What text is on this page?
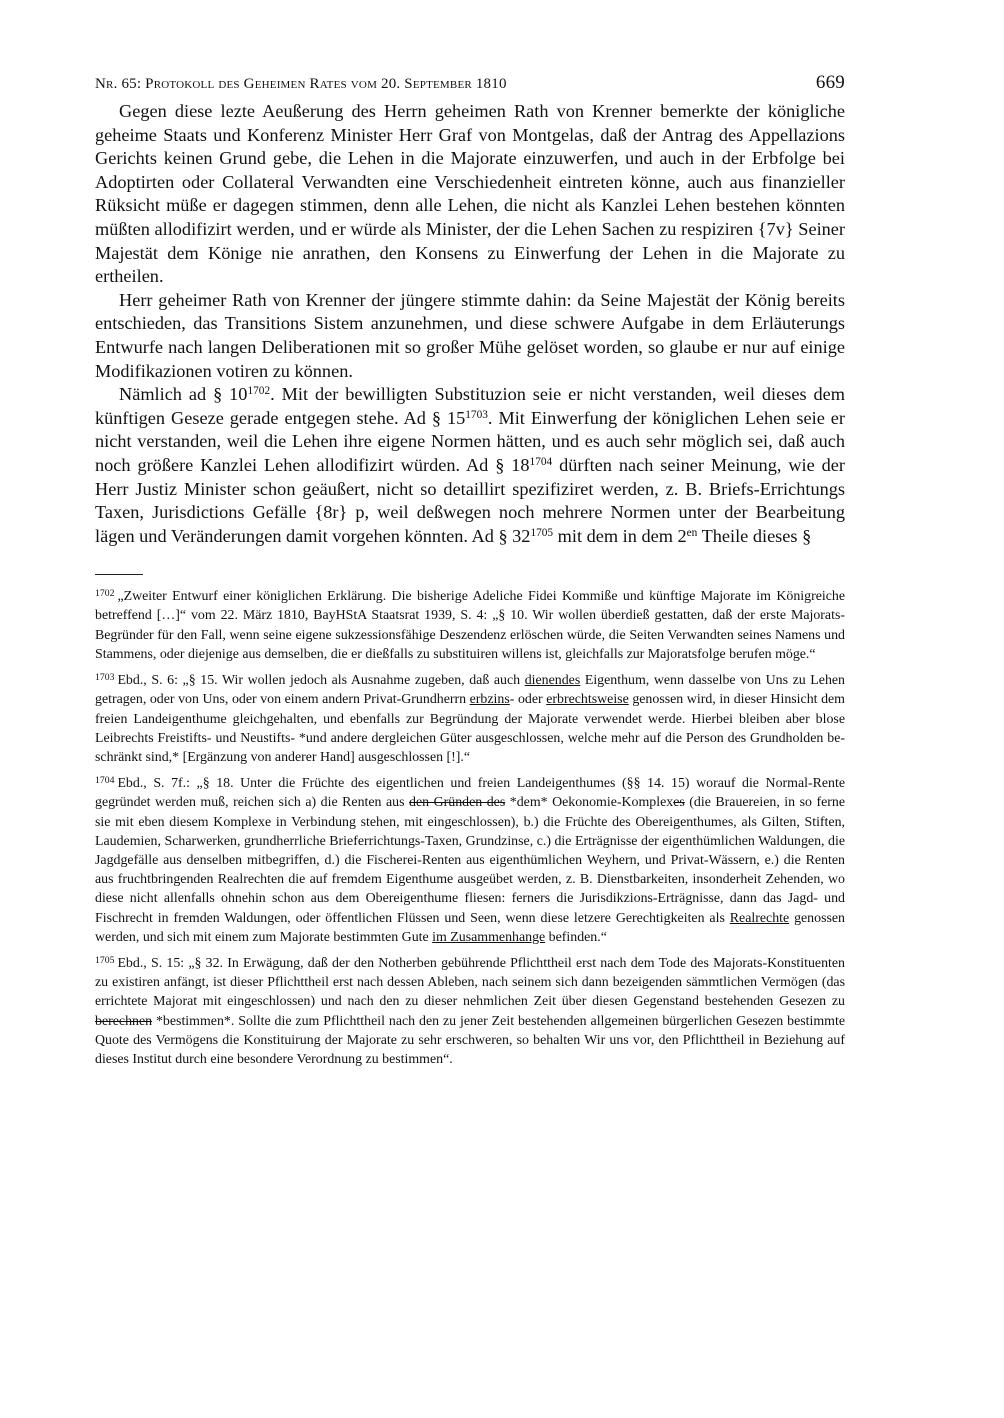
Nr. 65: Protokoll des Geheimen Rates vom 20. September 1810	669

Gegen diese lezte Aeußerung des Herrn geheimen Rath von Krenner bemerkte der königliche geheime Staats und Konferenz Minister Herr Graf von Montgelas, daß der Antrag des Appellazions Gerichts keinen Grund gebe, die Lehen in die Majorate einzuwerfen, und auch in der Erbfolge bei Adoptirten oder Collateral Verwandten eine Verschiedenheit eintreten könne, auch aus finanzieller Rüksicht müße er dagegen stimmen, denn alle Lehen, die nicht als Kanzlei Lehen bestehen könnten müßten allodifizirt werden, und er würde als Minister, der die Lehen Sachen zu respiziren {7v} Seiner Majestät dem Könige nie anrathen, den Konsens zu Einwerfung der Lehen in die Majorate zu ertheilen.

Herr geheimer Rath von Krenner der jüngere stimmte dahin: da Seine Majestät der König bereits entschieden, das Transitions Sistem anzunehmen, und diese schwere Aufgabe in dem Erläuterungs Entwurfe nach langen Deliberationen mit so großer Mühe gelöset worden, so glaube er nur auf einige Modifikazionen votiren zu können.

Nämlich ad § $10^{1702}$. Mit der bewilligten Substituzion seie er nicht verstanden, weil dieses dem künftigen Geseze gerade entgegen stehe. Ad § $15^{1703}$. Mit Einwerfung der königlichen Lehen seie er nicht verstanden, weil die Lehen ihre eigene Normen hätten, und es auch sehr möglich sei, daß auch noch größere Kanzlei Lehen allodifizirt würden. Ad § $18^{1704}$ dürften nach seiner Meinung, wie der Herr Justiz Minister schon geäußert, nicht so detaillirt spezifiziret werden, z. B. Briefs-Errichtungs Taxen, Jurisdictions Gefälle {8r} p, weil deßwegen noch mehrere Normen unter der Bearbeitung lägen und Veränderungen damit vorgehen könnten. Ad § $32^{1705}$ mit dem in dem $2^{en}$ Theile dieses §

$^{1702}$ „Zweiter Entwurf einer königlichen Erklärung. Die bisherige Adeliche Fidei Kommiße und künftige Majorate im Königreiche betreffend […]“ vom 22. März 1810, BayHStA Staatsrat 1939, S. 4: „§ 10. Wir wollen überdieß gestatten, daß der erste Majorats-Begründer für den Fall, wenn seine eigene sukzessionsfähige Deszendenz erlöschen würde, die Seiten Verwandten seines Namens und Stammens, oder diejenige aus demselben, die er dießfalls zu substituiren willens ist, gleichfalls zur Majoratsfolge berufen möge.“

$^{1703}$ Ebd., S. 6: „§ 15. Wir wollen jedoch als Ausnahme zugeben, daß auch dienendes Eigenthum, wenn dasselbe von Uns zu Lehen getragen, oder von Uns, oder von einem andern Privat-Grundherrn erbzins- oder erbrechtsweise genossen wird, in dieser Hinsicht dem freien Landeigenthume gleichgehalten, und ebenfalls zur Begründung der Majorate verwendet werde. Hierbei bleiben aber blose Leibrechts Freistifts- und Neustifts- *und andere dergleichen Güter ausgeschlossen, welche mehr auf die Person des Grundholden beschränkt sind,* [Ergänzung von anderer Hand] ausgeschlossen [!].“

$^{1704}$ Ebd., S. 7f.: „§ 18. Unter die Früchte des eigentlichen und freien Landeigenthumes (§§ 14. 15) worauf die Normal-Rente gegründet werden muß, reichen sich a) die Renten aus den Gründen des *dem* Oekonomie-Komplexes (die Brauereien, in so ferne sie mit eben diesem Komplexe in Verbindung stehen, mit eingeschlossen), b.) die Früchte des Obereigenthumes, als Gilten, Stiften, Laudemien, Scharwerken, grundherrliche Brieferrichtungs-Taxen, Grundzinse, c.) die Erträgnisse der eigenthümlichen Waldungen, die Jagdgefälle aus denselben mitbegriffen, d.) die Fischerei-Renten aus eigenthümlichen Weyhern, und Privat-Wässern, e.) die Renten aus fruchtbringenden Realrechten die auf fremdem Eigenthume ausgeübet werden, z. B. Dienstbarkeiten, insonderheit Zehenden, wo diese nicht allenfalls ohnehin schon aus dem Obereigenthume fliesen: ferners die Jurisdikzions-Erträgnisse, dann das Jagd- und Fischrecht in fremden Waldungen, oder öffentlichen Flüssen und Seen, wenn diese letzere Gerechtigkeiten als Realrechte genossen werden, und sich mit einem zum Majorate bestimmten Gute im Zusammenhange befinden.“

$^{1705}$ Ebd., S. 15: „§ 32. In Erwägung, daß der den Notherben gebührende Pflichttheil erst nach dem Tode des Majorats-Konstituenten zu existiren anfängt, ist dieser Pflichttheil erst nach dessen Ableben, nach seinem sich dann bezeigenden sämmtlichen Vermögen (das errichtete Majorat mit eingeschlossen) und nach den zu dieser nehmlichen Zeit über diesen Gegenstand bestehenden Gesezen zu berechnen *bestimmen*. Sollte die zum Pflichttheil nach den zu jener Zeit bestehenden allgemeinen bürgerlichen Gesezen bestimmte Quote des Vermögens die Konstituirung der Majorate zu sehr erschweren, so behalten Wir uns vor, den Pflichttheil in Beziehung auf dieses Institut durch eine besondere Verordnung zu bestimmen“.
